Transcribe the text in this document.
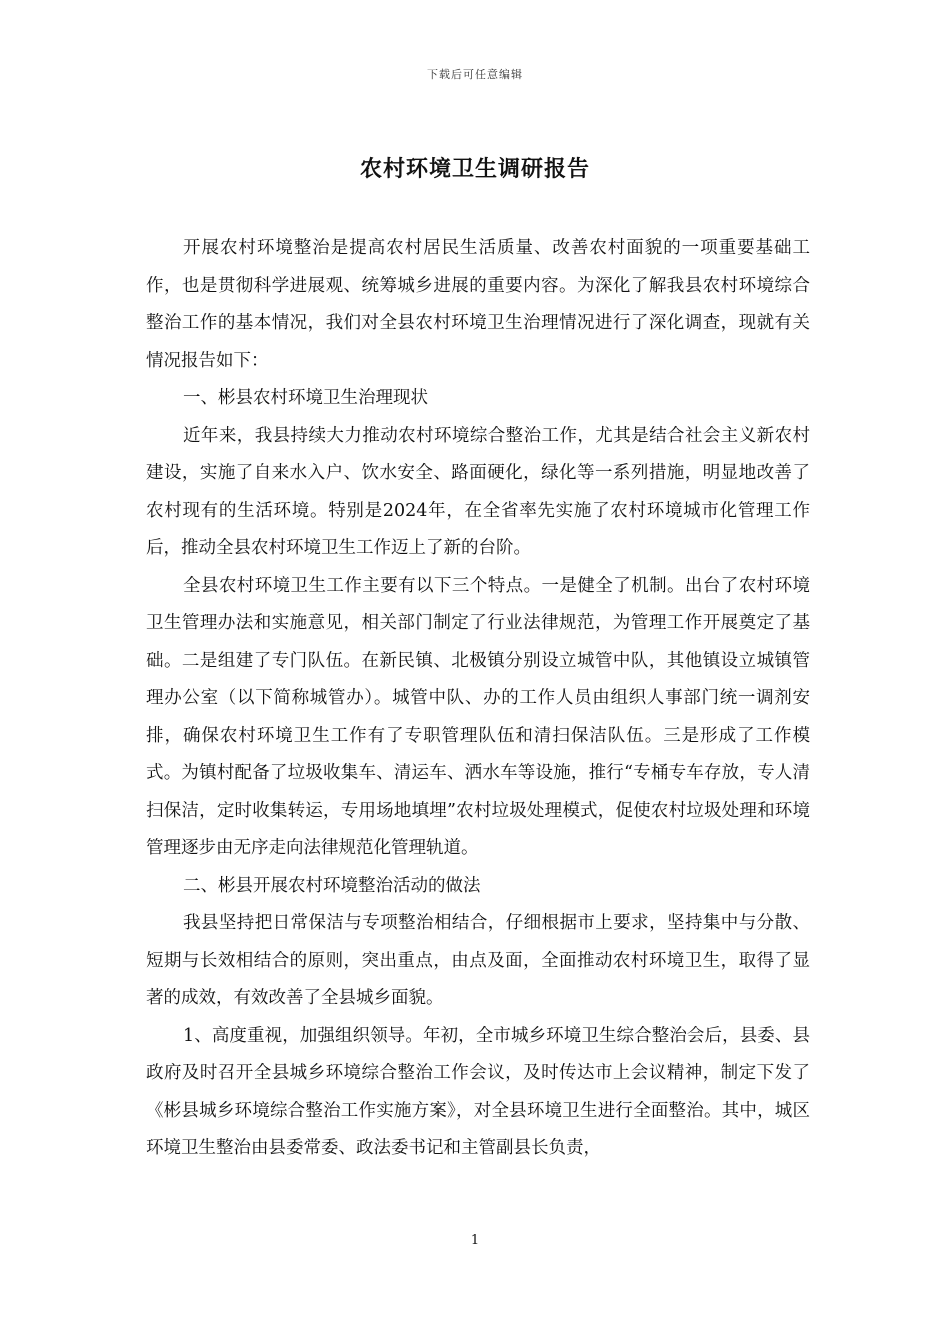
下载后可任意编辑
农村环境卫生调研报告

开展农村环境整治是提高农村居民生活质量、改善农村面貌的一项重要基础工作，也是贯彻科学进展观、统筹城乡进展的重要内容。为深化了解我县农村环境综合整治工作的基本情况，我们对全县农村环境卫生治理情况进行了深化调查，现就有关情况报告如下：

一、彬县农村环境卫生治理现状

近年来，我县持续大力推动农村环境综合整治工作，尤其是结合社会主义新农村建设，实施了自来水入户、饮水安全、路面硬化，绿化等一系列措施，明显地改善了农村现有的生活环境。特别是2024年，在全省率先实施了农村环境城市化管理工作后，推动全县农村环境卫生工作迈上了新的台阶。

全县农村环境卫生工作主要有以下三个特点。一是健全了机制。出台了农村环境卫生管理办法和实施意见，相关部门制定了行业法律规范，为管理工作开展奠定了基础。二是组建了专门队伍。在新民镇、北极镇分别设立城管中队，其他镇设立城镇管理办公室（以下简称城管办）。城管中队、办的工作人员由组织人事部门统一调剂安排，确保农村环境卫生工作有了专职管理队伍和清扫保洁队伍。三是形成了工作模式。为镇村配备了垃圾收集车、清运车、洒水车等设施，推行“专桶专车存放，专人清扫保洁，定时收集转运，专用场地填埋”农村垃圾处理模式，促使农村垃圾处理和环境管理逐步由无序走向法律规范化管理轨道。

二、彬县开展农村环境整治活动的做法

我县坚持把日常保洁与专项整治相结合，仔细根据市上要求，坚持集中与分散、短期与长效相结合的原则，突出重点，由点及面，全面推动农村环境卫生，取得了显著的成效，有效改善了全县城乡面貌。

1、高度重视，加强组织领导。年初，全市城乡环境卫生综合整治会后，县委、县政府及时召开全县城乡环境综合整治工作会议，及时传达市上会议精神，制定下发了《彬县城乡环境综合整治工作实施方案》，对全县环境卫生进行全面整治。其中，城区环境卫生整治由县委常委、政法委书记和主管副县长负责，

1
